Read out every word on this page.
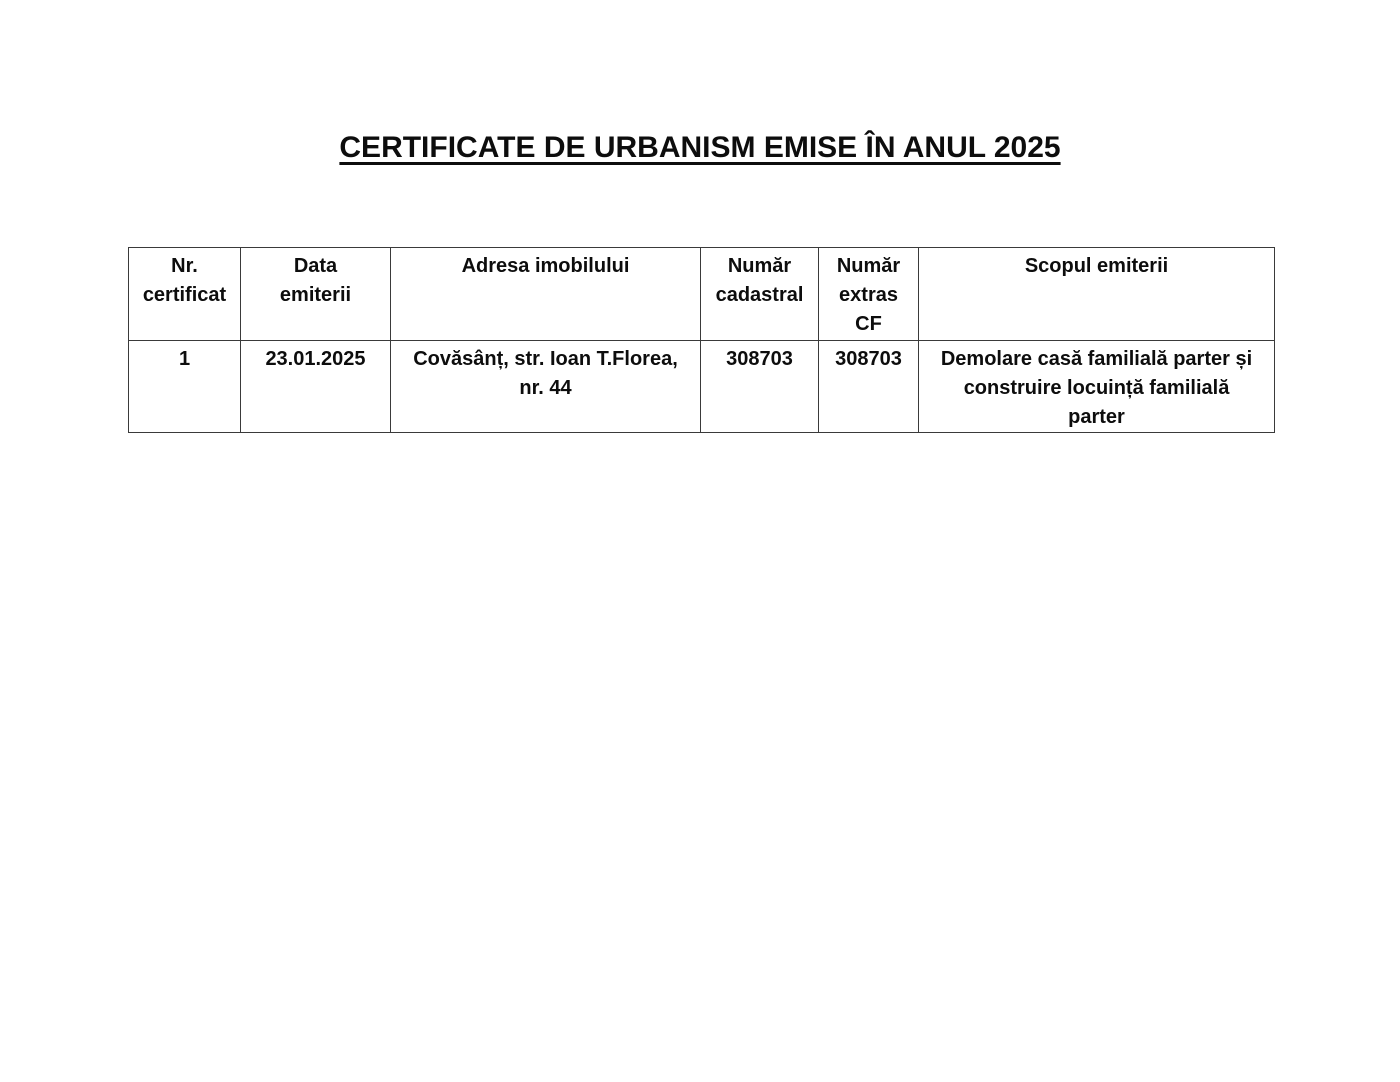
CERTIFICATE DE URBANISM EMISE ÎN ANUL 2025
Nr. certificat	Data emiterii	Adresa imobilului	Număr cadastral	Număr extras CF	Scopul emiterii
1	23.01.2025	Covăsânț, str. Ioan T.Florea, nr. 44	308703	308703	Demolare casă familială parter și construire locuință familială parter
